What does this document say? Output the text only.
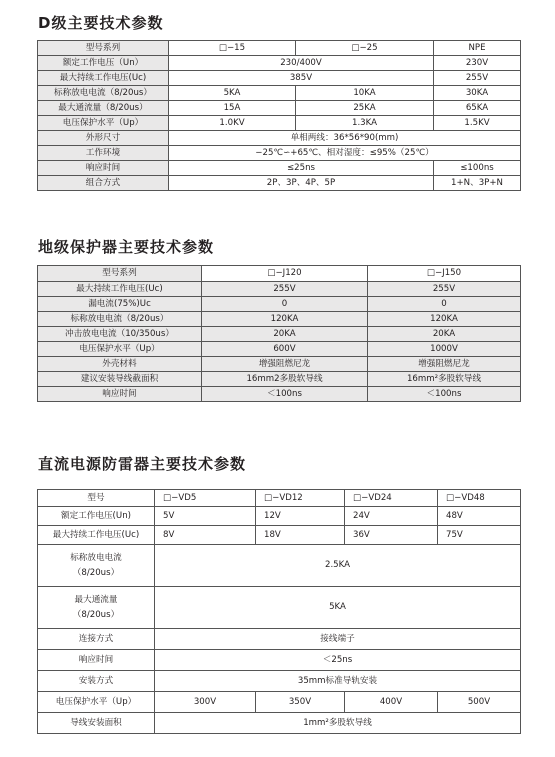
D级主要技术参数
型号系列	□−15	□−25	NPE
额定工作电压（Un）	230/400V		230V
最大持续工作电压(Uc)	385V		255V
标称放电电流（8/20us）	5KA	10KA	30KA
最大通流量（8/20us）	15A	25KA	65KA
电压保护水平（Up）	1.0KV	1.3KA	1.5KV
外形尺寸	单相两线：36*56*90(mm)		
工作环境	−25℃∽+65℃、相对湿度：≤95%（25℃）		
响应时间	≤25ns		≤100ns
组合方式	2P、3P、4P、5P		1+N、3P+N
地级保护器主要技术参数
型号系列	□−J120	□−J150
最大持续工作电压(Uc)	255V	255V
漏电流(75%)Uc	0	0
标称放电电流（8/20us）	120KA	120KA
冲击放电电流（10/350us）	20KA	20KA
电压保护水平（Up）	600V	1000V
外壳材料	增强阻燃尼龙	增强阻燃尼龙
建议安装导线截面积	16mm2多股软导线	16mm²多股软导线
响应时间	＜100ns	＜100ns
直流电源防雷器主要技术参数
型号	□−VD5	□−VD12	□−VD24	□−VD48
额定工作电压(Un)	5V	12V	24V	48V
最大持续工作电压(Uc)	8V	18V	36V	75V
标称放电电流
（8/20us）	2.5KA			
最大通流量
（8/20us）	5KA			
连接方式	接线端子			
响应时间	＜25ns			
安装方式	35mm标准导轨安装			
电压保护水平（Up）	300V	350V	400V	500V
导线安装面积	1mm²多股软导线			
